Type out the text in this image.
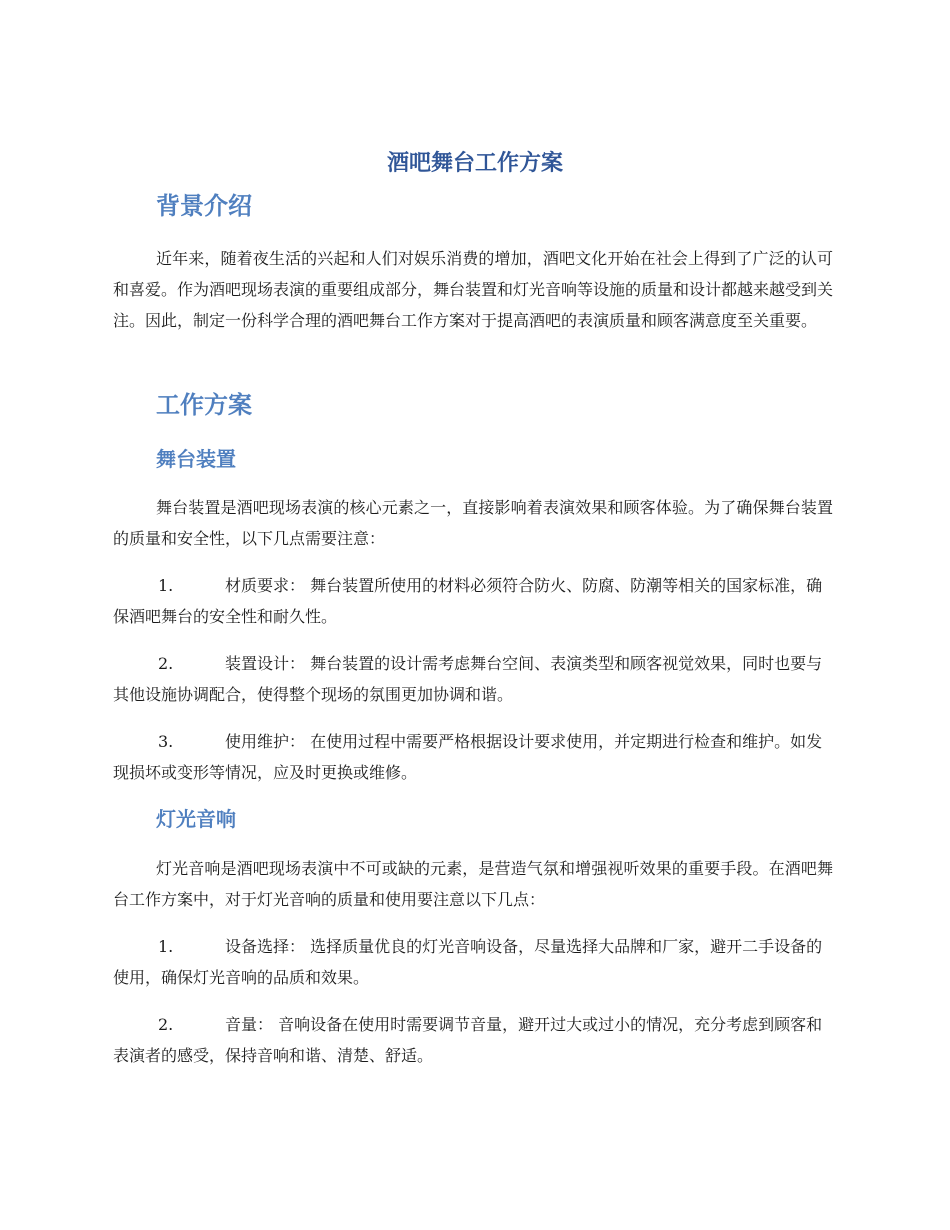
酒吧舞台工作方案
背景介绍

近年来，随着夜生活的兴起和人们对娱乐消费的增加，酒吧文化开始在社会上得到了广泛的认可和喜爱。作为酒吧现场表演的重要组成部分，舞台装置和灯光音响等设施的质量和设计都越来越受到关注。因此，制定一份科学合理的酒吧舞台工作方案对于提高酒吧的表演质量和顾客满意度至关重要。

工作方案
舞台装置

舞台装置是酒吧现场表演的核心元素之一，直接影响着表演效果和顾客体验。为了确保舞台装置的质量和安全性，以下几点需要注意：

1.	材质要求： 舞台装置所使用的材料必须符合防火、防腐、防潮等相关的国家标准，确保酒吧舞台的安全性和耐久性。

2.	装置设计： 舞台装置的设计需考虑舞台空间、表演类型和顾客视觉效果，同时也要与其他设施协调配合，使得整个现场的氛围更加协调和谐。

3.	使用维护： 在使用过程中需要严格根据设计要求使用，并定期进行检查和维护。如发现损坏或变形等情况，应及时更换或维修。

灯光音响

灯光音响是酒吧现场表演中不可或缺的元素，是营造气氛和增强视听效果的重要手段。在酒吧舞台工作方案中，对于灯光音响的质量和使用要注意以下几点：

1.	设备选择： 选择质量优良的灯光音响设备，尽量选择大品牌和厂家，避开二手设备的使用，确保灯光音响的品质和效果。

2.	音量： 音响设备在使用时需要调节音量，避开过大或过小的情况，充分考虑到顾客和表演者的感受，保持音响和谐、清楚、舒适。
